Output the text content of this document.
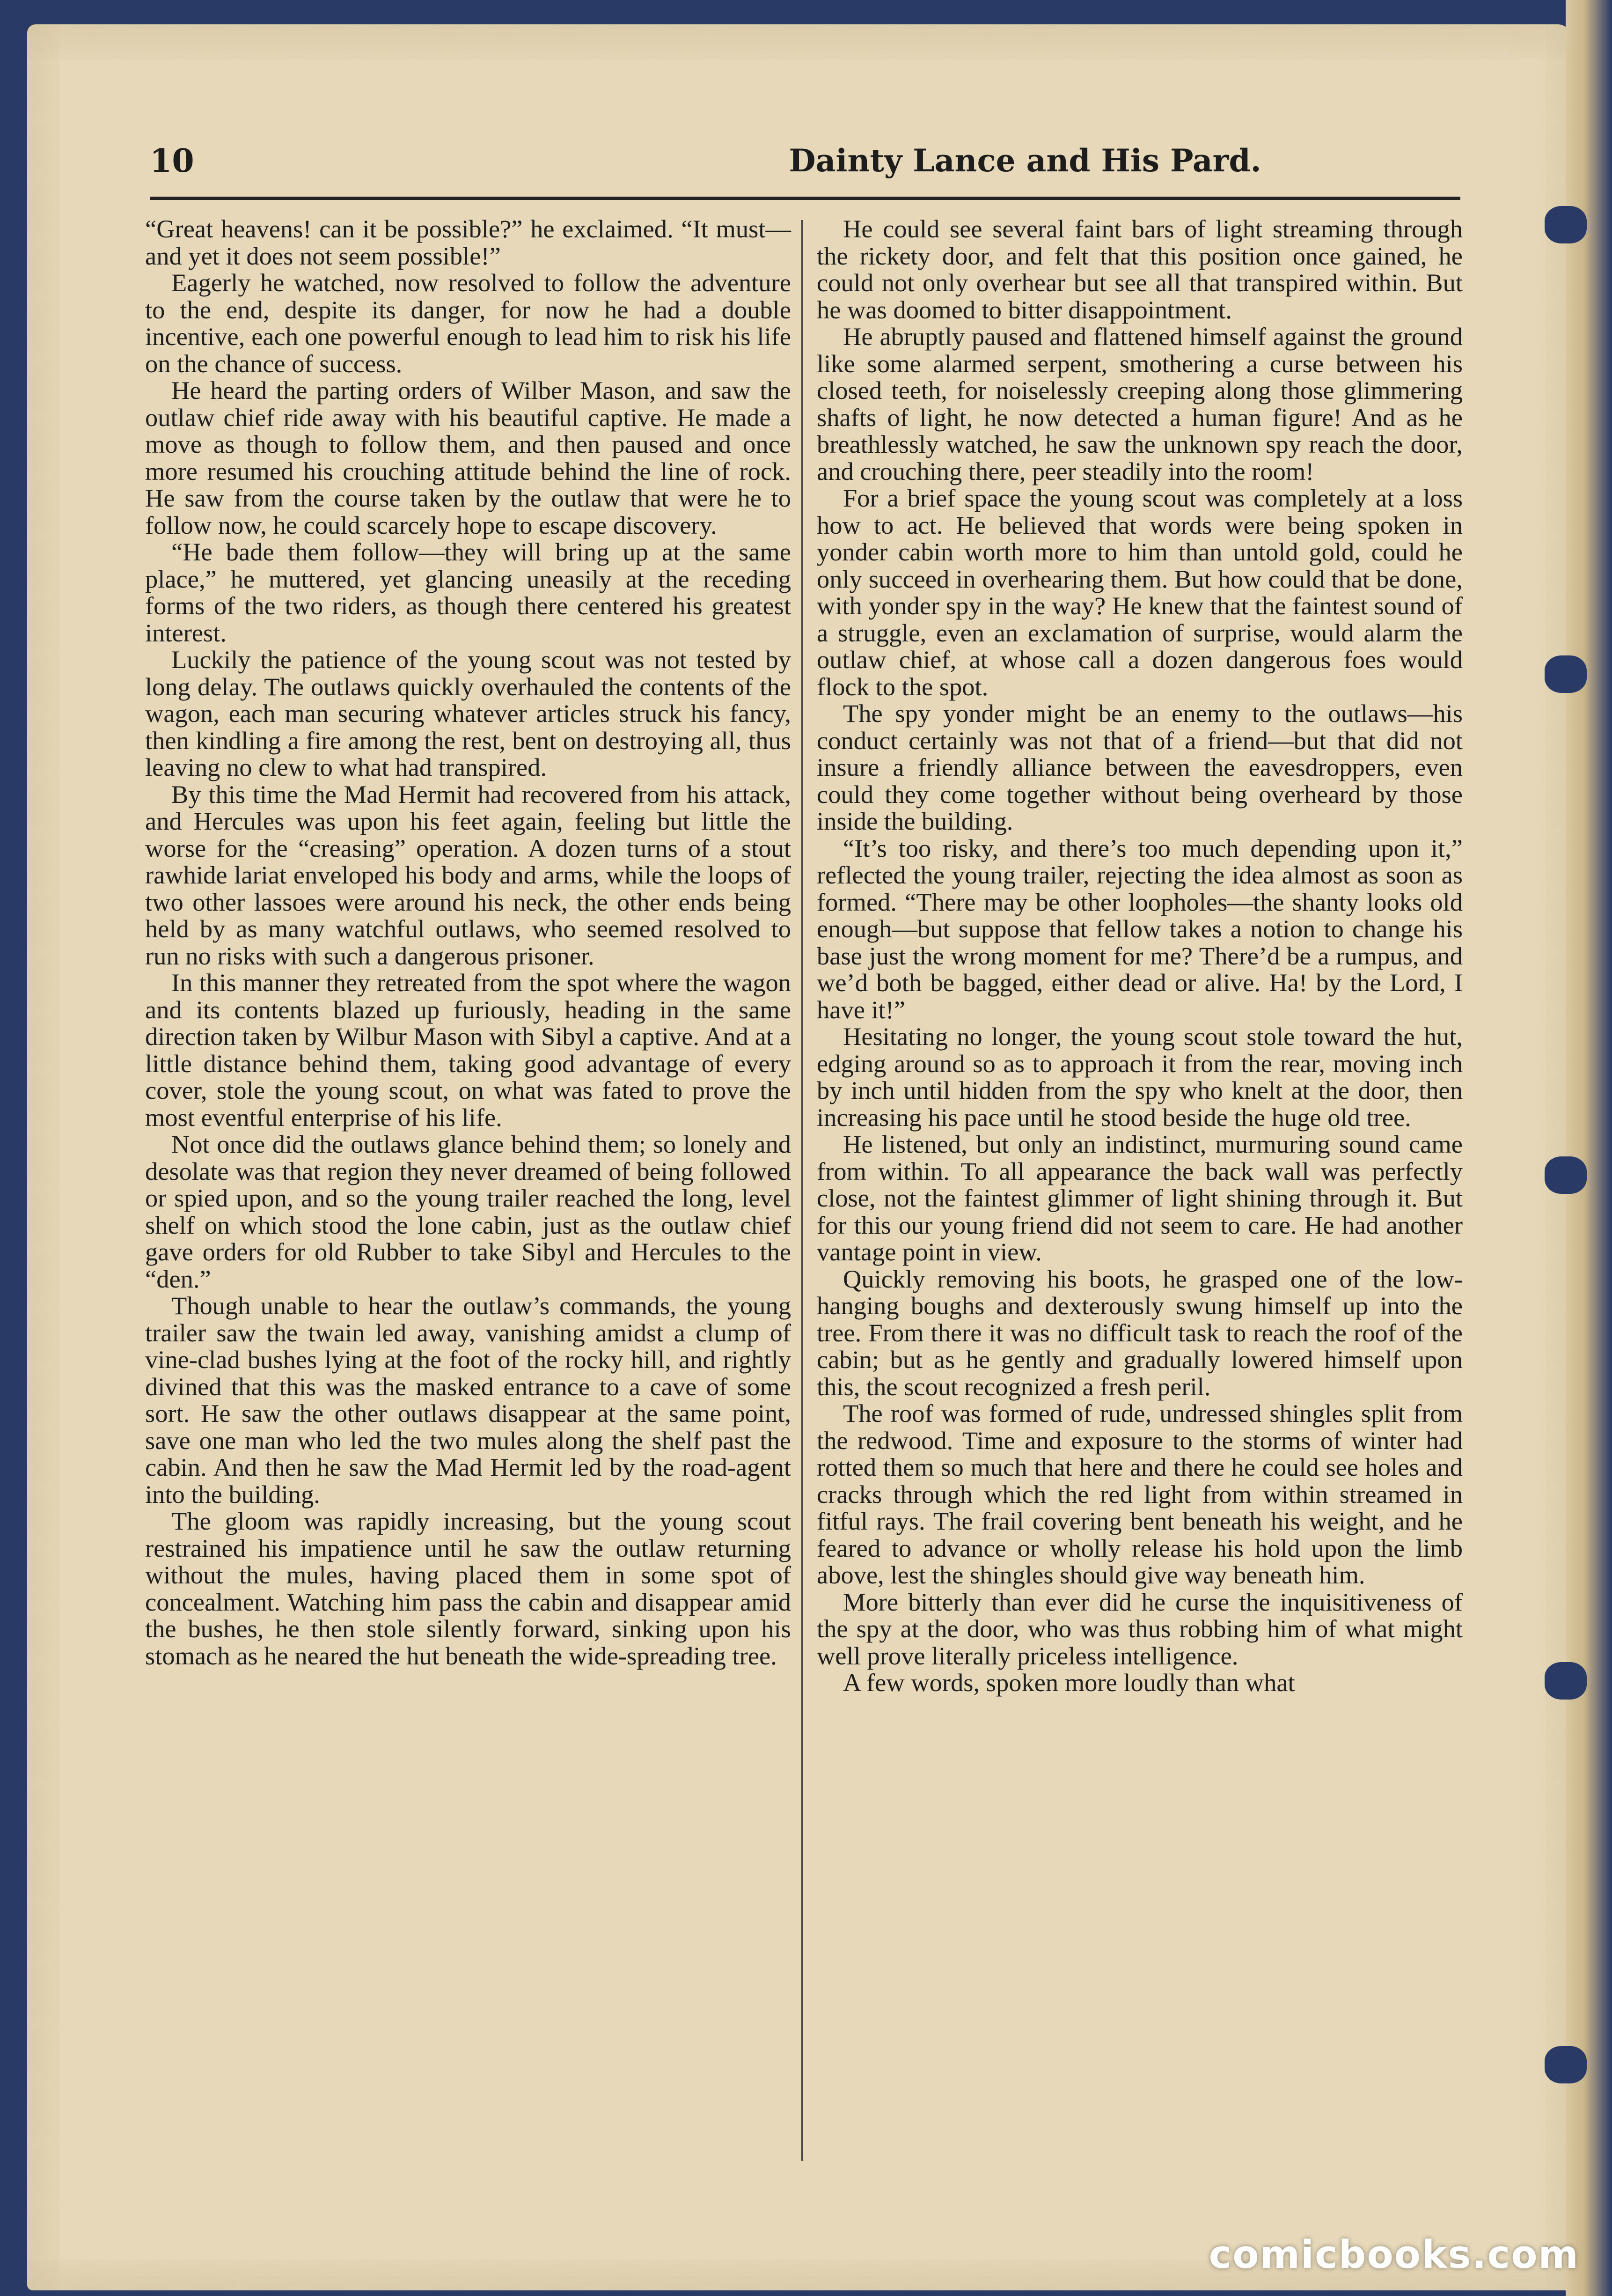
10	Dainty Lance and His Pard.

“Great heavens! can it be possible?” he exclaimed. “It must—and yet it does not seem possible!”

Eagerly he watched, now resolved to follow the adventure to the end, despite its danger, for now he had a double incentive, each one powerful enough to lead him to risk his life on the chance of success.

He heard the parting orders of Wilber Mason, and saw the outlaw chief ride away with his beautiful captive. He made a move as though to follow them, and then paused and once more resumed his crouching attitude behind the line of rock. He saw from the course taken by the outlaw that were he to follow now, he could scarcely hope to escape discovery.

“He bade them follow—they will bring up at the same place,” he muttered, yet glancing uneasily at the receding forms of the two riders, as though there centered his greatest interest.

Luckily the patience of the young scout was not tested by long delay. The outlaws quickly overhauled the contents of the wagon, each man securing whatever articles struck his fancy, then kindling a fire among the rest, bent on destroying all, thus leaving no clew to what had transpired.

By this time the Mad Hermit had recovered from his attack, and Hercules was upon his feet again, feeling but little the worse for the “creasing” operation. A dozen turns of a stout rawhide lariat enveloped his body and arms, while the loops of two other lassoes were around his neck, the other ends being held by as many watchful outlaws, who seemed resolved to run no risks with such a dangerous prisoner.

In this manner they retreated from the spot where the wagon and its contents blazed up furiously, heading in the same direction taken by Wilbur Mason with Sibyl a captive. And at a little distance behind them, taking good advantage of every cover, stole the young scout, on what was fated to prove the most eventful enterprise of his life.

Not once did the outlaws glance behind them; so lonely and desolate was that region they never dreamed of being followed or spied upon, and so the young trailer reached the long, level shelf on which stood the lone cabin, just as the outlaw chief gave orders for old Rubber to take Sibyl and Hercules to the “den.”

Though unable to hear the outlaw’s commands, the young trailer saw the twain led away, vanishing amidst a clump of vine-clad bushes lying at the foot of the rocky hill, and rightly divined that this was the masked entrance to a cave of some sort. He saw the other outlaws disappear at the same point, save one man who led the two mules along the shelf past the cabin. And then he saw the Mad Hermit led by the road-agent into the building.

The gloom was rapidly increasing, but the young scout restrained his impatience until he saw the outlaw returning without the mules, having placed them in some spot of concealment. Watching him pass the cabin and disappear amid the bushes, he then stole silently forward, sinking upon his stomach as he neared the hut beneath the wide-spreading tree.

He could see several faint bars of light streaming through the rickety door, and felt that this position once gained, he could not only overhear but see all that transpired within. But he was doomed to bitter disappointment.

He abruptly paused and flattened himself against the ground like some alarmed serpent, smothering a curse between his closed teeth, for noiselessly creeping along those glimmering shafts of light, he now detected a human figure! And as he breathlessly watched, he saw the unknown spy reach the door, and crouching there, peer steadily into the room!

For a brief space the young scout was completely at a loss how to act. He believed that words were being spoken in yonder cabin worth more to him than untold gold, could he only succeed in overhearing them. But how could that be done, with yonder spy in the way? He knew that the faintest sound of a struggle, even an exclamation of surprise, would alarm the outlaw chief, at whose call a dozen dangerous foes would flock to the spot.

The spy yonder might be an enemy to the outlaws—his conduct certainly was not that of a friend—but that did not insure a friendly alliance between the eavesdroppers, even could they come together without being overheard by those inside the building.

“It’s too risky, and there’s too much depending upon it,” reflected the young trailer, rejecting the idea almost as soon as formed. “There may be other loopholes—the shanty looks old enough—but suppose that fellow takes a notion to change his base just the wrong moment for me? There’d be a rumpus, and we’d both be bagged, either dead or alive. Ha! by the Lord, I have it!”

Hesitating no longer, the young scout stole toward the hut, edging around so as to approach it from the rear, moving inch by inch until hidden from the spy who knelt at the door, then increasing his pace until he stood beside the huge old tree.

He listened, but only an indistinct, murmuring sound came from within. To all appearance the back wall was perfectly close, not the faintest glimmer of light shining through it. But for this our young friend did not seem to care. He had another vantage point in view.

Quickly removing his boots, he grasped one of the low-hanging boughs and dexterously swung himself up into the tree. From there it was no difficult task to reach the roof of the cabin; but as he gently and gradually lowered himself upon this, the scout recognized a fresh peril.

The roof was formed of rude, undressed shingles split from the redwood. Time and exposure to the storms of winter had rotted them so much that here and there he could see holes and cracks through which the red light from within streamed in fitful rays. The frail covering bent beneath his weight, and he feared to advance or wholly release his hold upon the limb above, lest the shingles should give way beneath him.

More bitterly than ever did he curse the inquisitiveness of the spy at the door, who was thus robbing him of what might well prove literally priceless intelligence.

A few words, spoken more loudly than what

comicbooks.com
